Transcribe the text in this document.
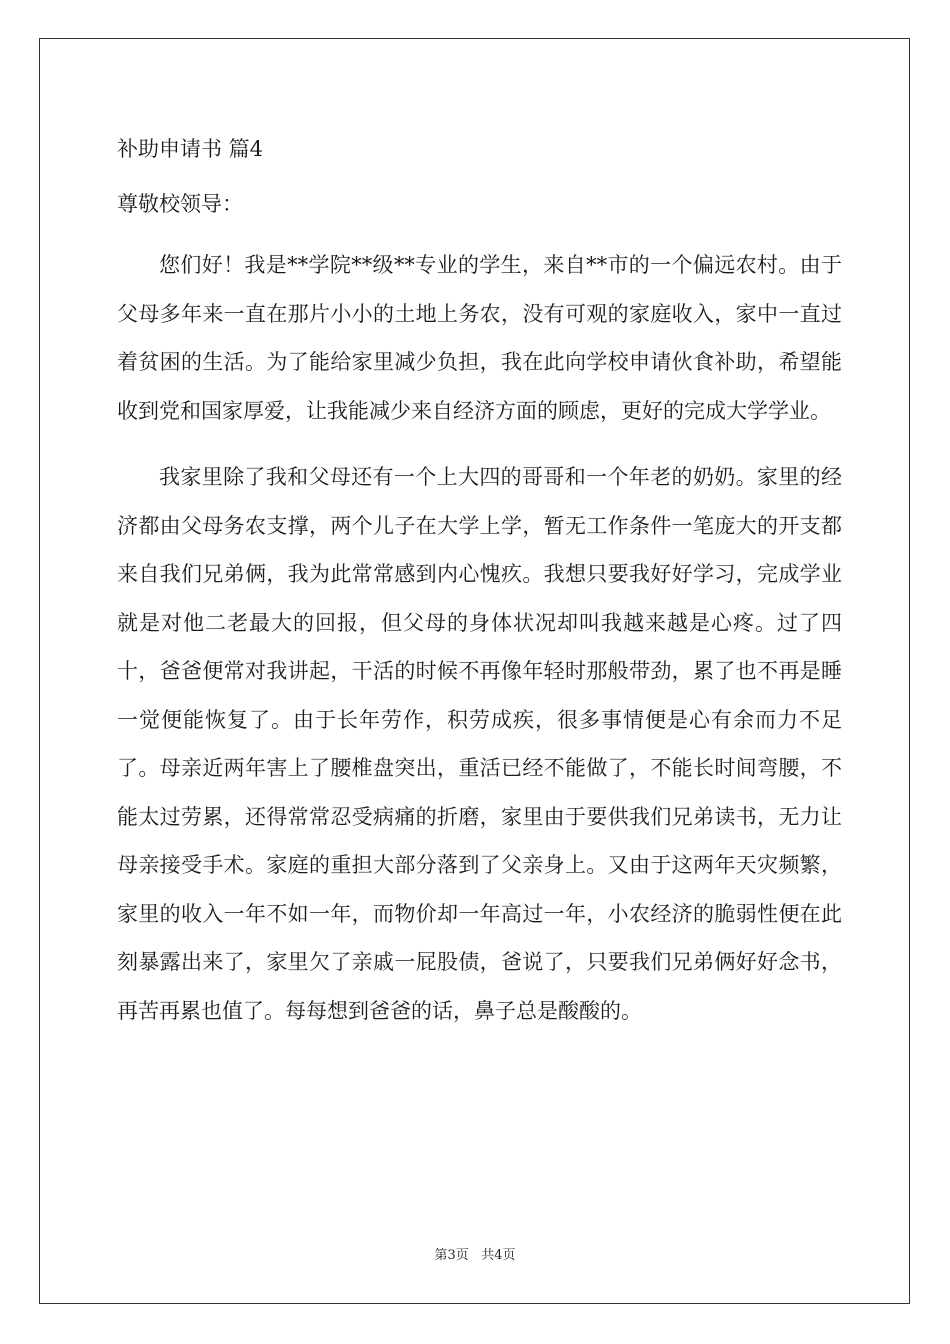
补助申请书 篇4
尊敬校领导：

您们好！我是**学院**级**专业的学生，来自**市的一个偏远农村。由于父母多年来一直在那片小小的土地上务农，没有可观的家庭收入，家中一直过着贫困的生活。为了能给家里减少负担，我在此向学校申请伙食补助，希望能收到党和国家厚爱，让我能减少来自经济方面的顾虑，更好的完成大学学业。

我家里除了我和父母还有一个上大四的哥哥和一个年老的奶奶。家里的经济都由父母务农支撑，两个儿子在大学上学，暂无工作条件一笔庞大的开支都来自我们兄弟俩，我为此常常感到内心愧疚。我想只要我好好学习，完成学业就是对他二老最大的回报，但父母的身体状况却叫我越来越是心疼。过了四十，爸爸便常对我讲起，干活的时候不再像年轻时那般带劲，累了也不再是睡一觉便能恢复了。由于长年劳作，积劳成疾，很多事情便是心有余而力不足了。母亲近两年害上了腰椎盘突出，重活已经不能做了，不能长时间弯腰，不能太过劳累，还得常常忍受病痛的折磨，家里由于要供我们兄弟读书，无力让母亲接受手术。家庭的重担大部分落到了父亲身上。又由于这两年天灾频繁，家里的收入一年不如一年，而物价却一年高过一年，小农经济的脆弱性便在此刻暴露出来了，家里欠了亲戚一屁股债，爸说了，只要我们兄弟俩好好念书，再苦再累也值了。每每想到爸爸的话，鼻子总是酸酸的。

第3页 共4页
